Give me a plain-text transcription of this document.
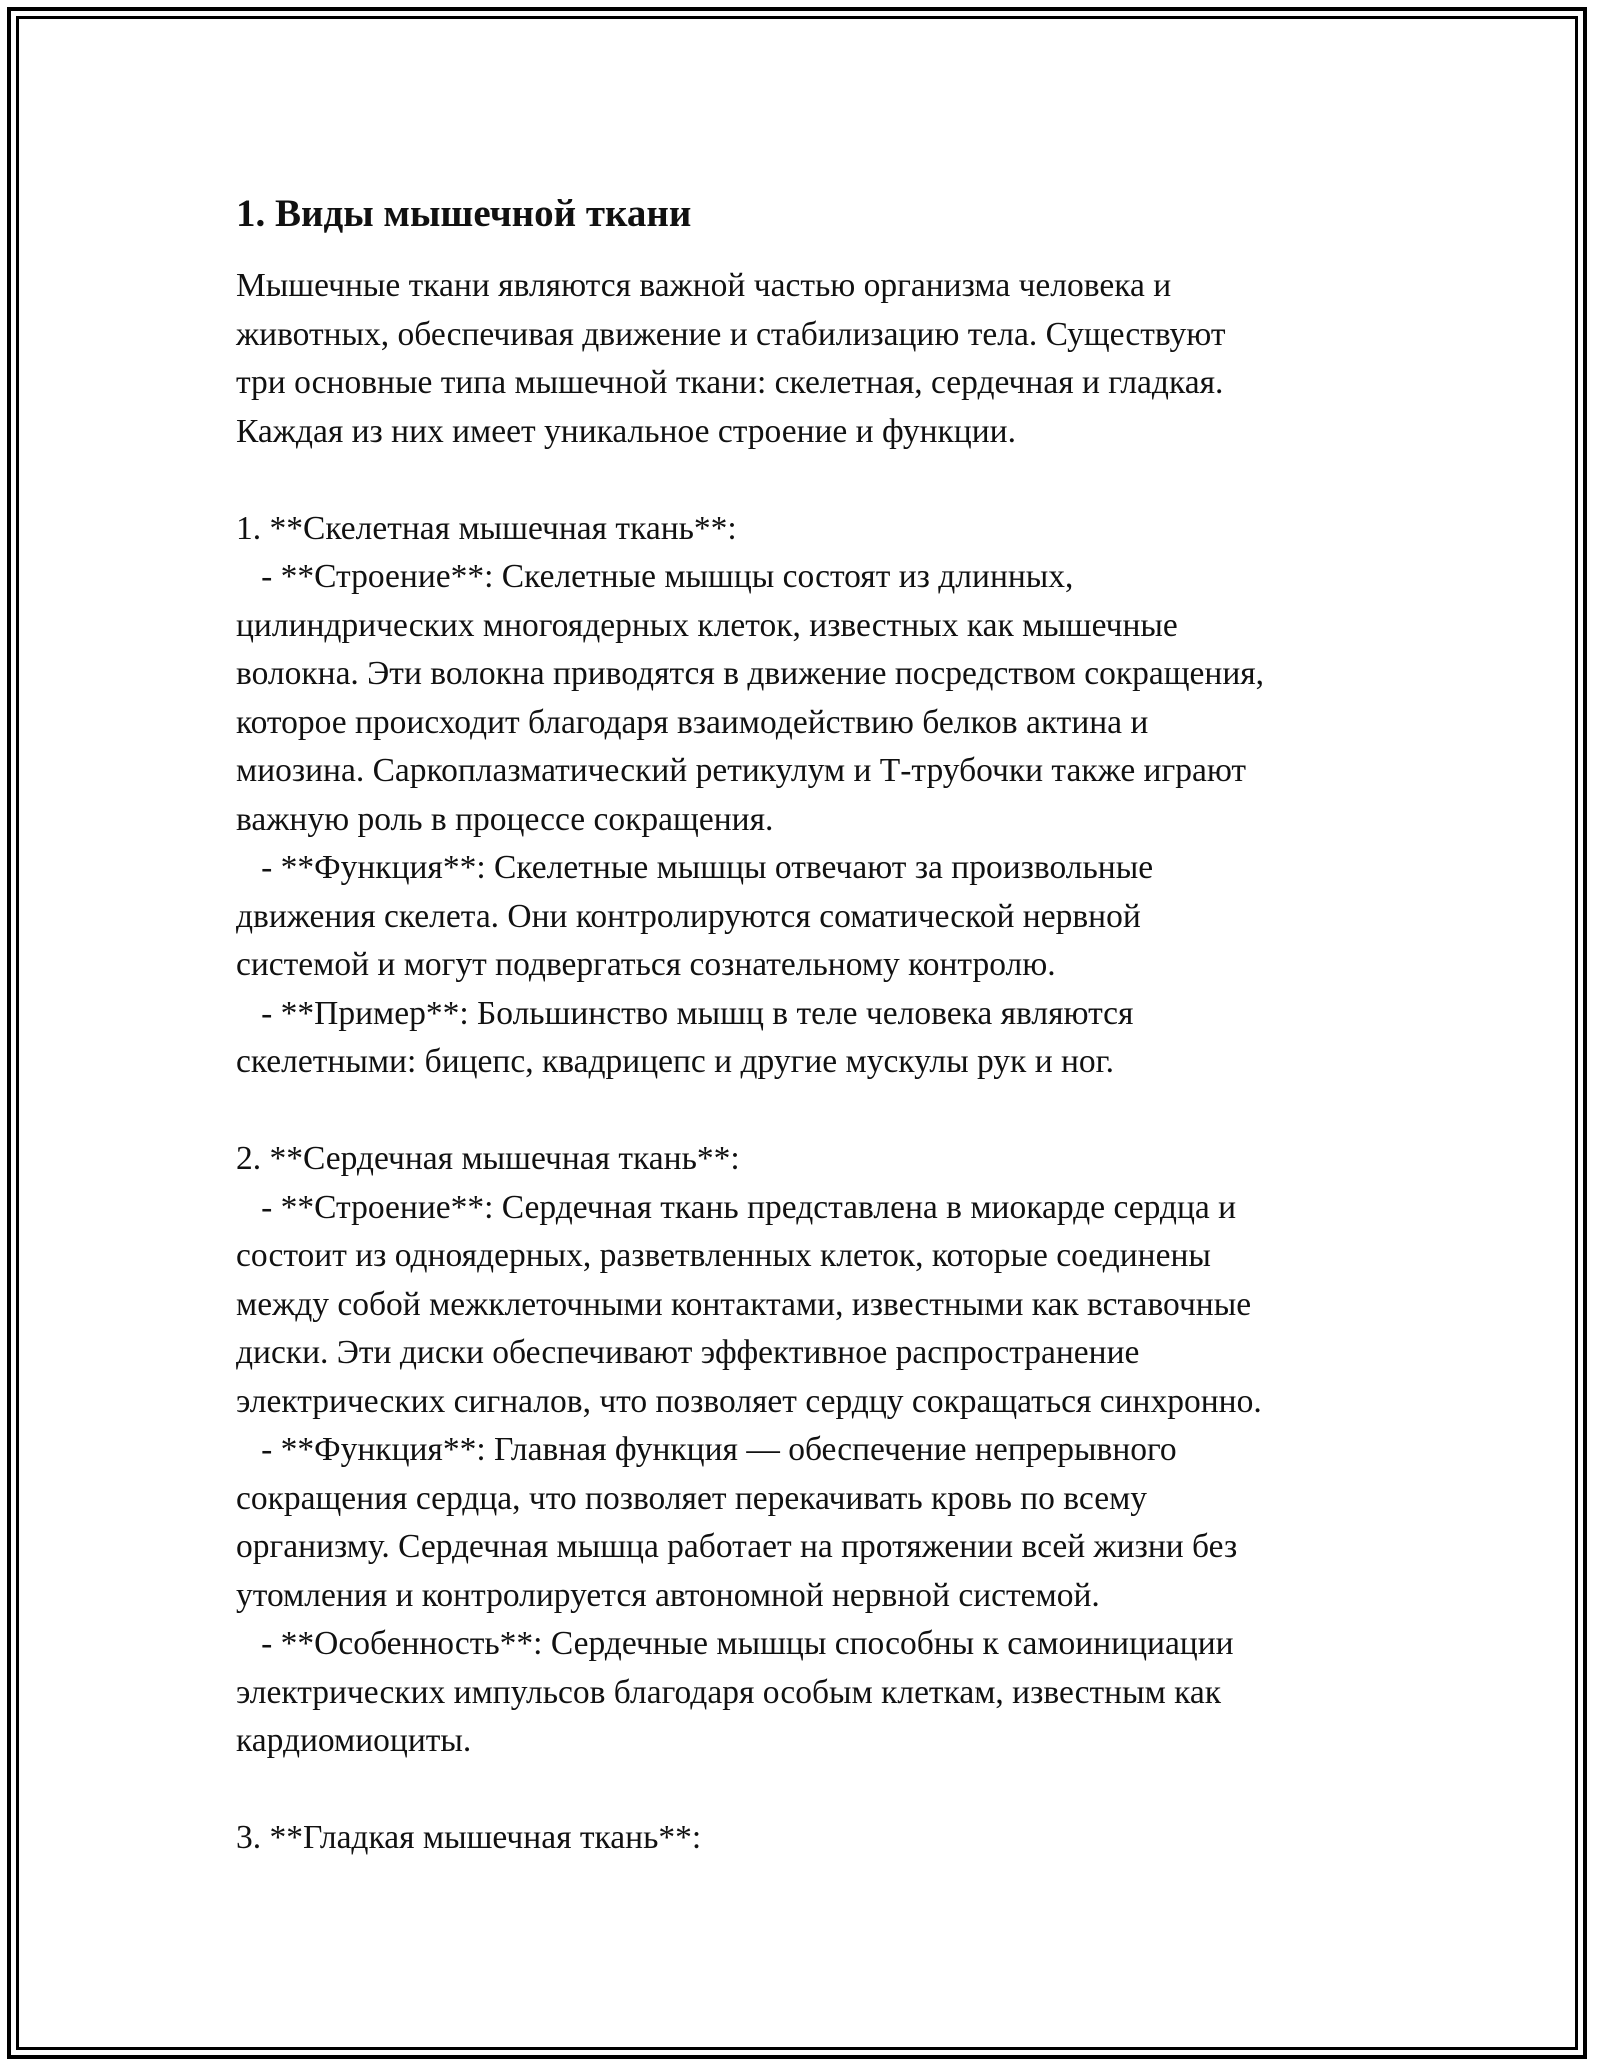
1. Виды мышечной ткани

Мышечные ткани являются важной частью организма человека и
животных, обеспечивая движение и стабилизацию тела. Существуют
три основные типа мышечной ткани: скелетная, сердечная и гладкая.
Каждая из них имеет уникальное строение и функции.

1. **Скелетная мышечная ткань**:
- **Строение**: Скелетные мышцы состоят из длинных,
цилиндрических многоядерных клеток, известных как мышечные
волокна. Эти волокна приводятся в движение посредством сокращения,
которое происходит благодаря взаимодействию белков актина и
миозина. Саркоплазматический ретикулум и Т-трубочки также играют
важную роль в процессе сокращения.
- **Функция**: Скелетные мышцы отвечают за произвольные
движения скелета. Они контролируются соматической нервной
системой и могут подвергаться сознательному контролю.
- **Пример**: Большинство мышц в теле человека являются
скелетными: бицепс, квадрицепс и другие мускулы рук и ног.

2. **Сердечная мышечная ткань**:
- **Строение**: Сердечная ткань представлена в миокарде сердца и
состоит из одноядерных, разветвленных клеток, которые соединены
между собой межклеточными контактами, известными как вставочные
диски. Эти диски обеспечивают эффективное распространение
электрических сигналов, что позволяет сердцу сокращаться синхронно.
- **Функция**: Главная функция — обеспечение непрерывного
сокращения сердца, что позволяет перекачивать кровь по всему
организму. Сердечная мышца работает на протяжении всей жизни без
утомления и контролируется автономной нервной системой.
- **Особенность**: Сердечные мышцы способны к самоинициации
электрических импульсов благодаря особым клеткам, известным как
кардиомиоциты.

3. **Гладкая мышечная ткань**:
